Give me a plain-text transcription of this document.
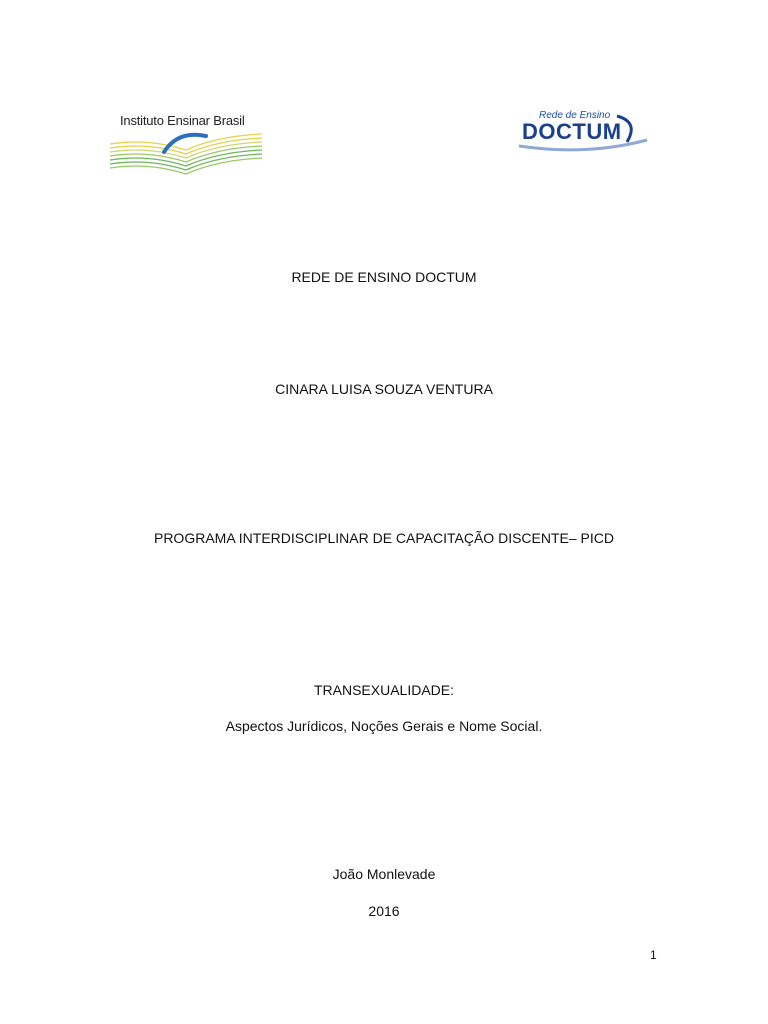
Instituto Ensinar Brasil	Rede de Ensino
DOCTUM
REDE DE ENSINO DOCTUM
CINARA LUISA SOUZA VENTURA
PROGRAMA INTERDISCIPLINAR DE CAPACITAÇÃO DISCENTE– PICD
TRANSEXUALIDADE:
Aspectos Jurídicos, Noções Gerais e Nome Social.
João Monlevade
2016
1
